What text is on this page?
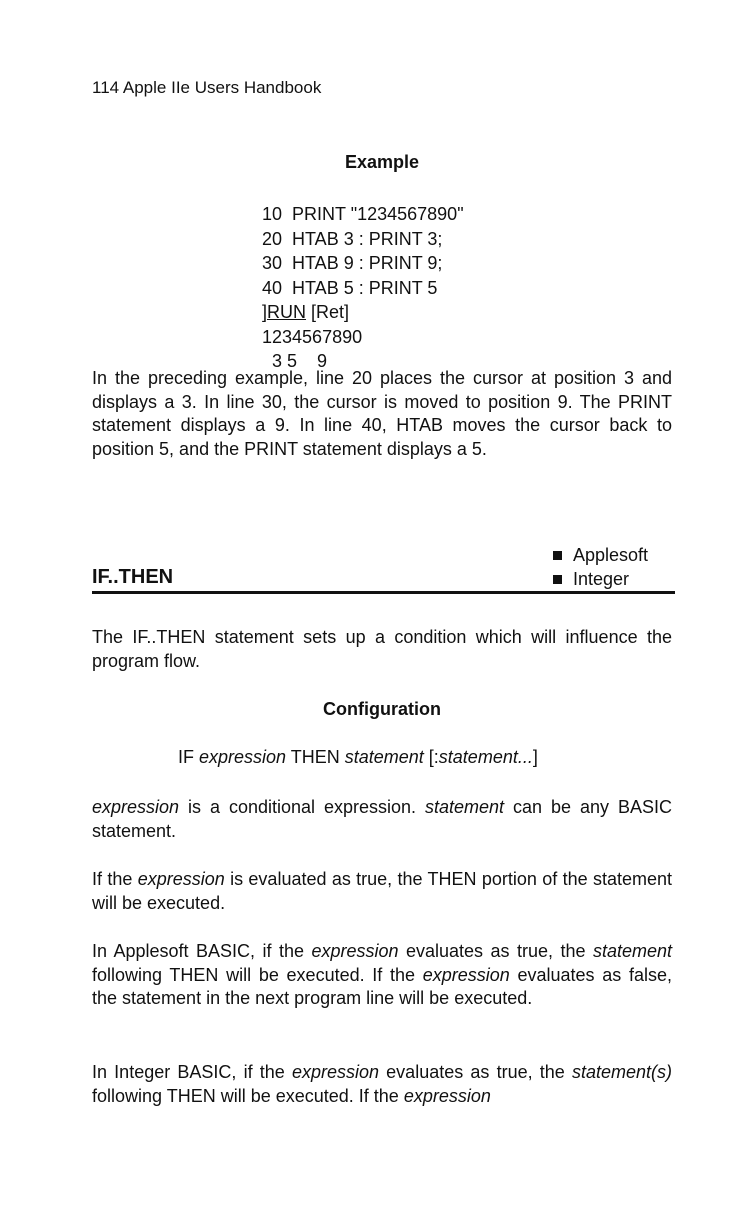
114 Apple IIe Users Handbook
Example
10  PRINT "1234567890"
20  HTAB 3 : PRINT 3;
30  HTAB 9 : PRINT 9;
40  HTAB 5 : PRINT 5
]RUN [Ret]
1234567890
3 5    9
In the preceding example, line 20 places the cursor at position 3 and displays a 3. In line 30, the cursor is moved to position 9. The PRINT statement displays a 9. In line 40, HTAB moves the cursor back to position 5, and the PRINT statement displays a 5.
Applesoft
Integer
IF..THEN
The IF..THEN statement sets up a condition which will influence the program flow.
Configuration
IF expression THEN statement [:statement...]
expression is a conditional expression. statement can be any BASIC statement.
If the expression is evaluated as true, the THEN portion of the statement will be executed.
In Applesoft BASIC, if the expression evaluates as true, the statement following THEN will be executed. If the expression evaluates as false, the statement in the next program line will be executed.
In Integer BASIC, if the expression evaluates as true, the statement(s) following THEN will be executed. If the expression
